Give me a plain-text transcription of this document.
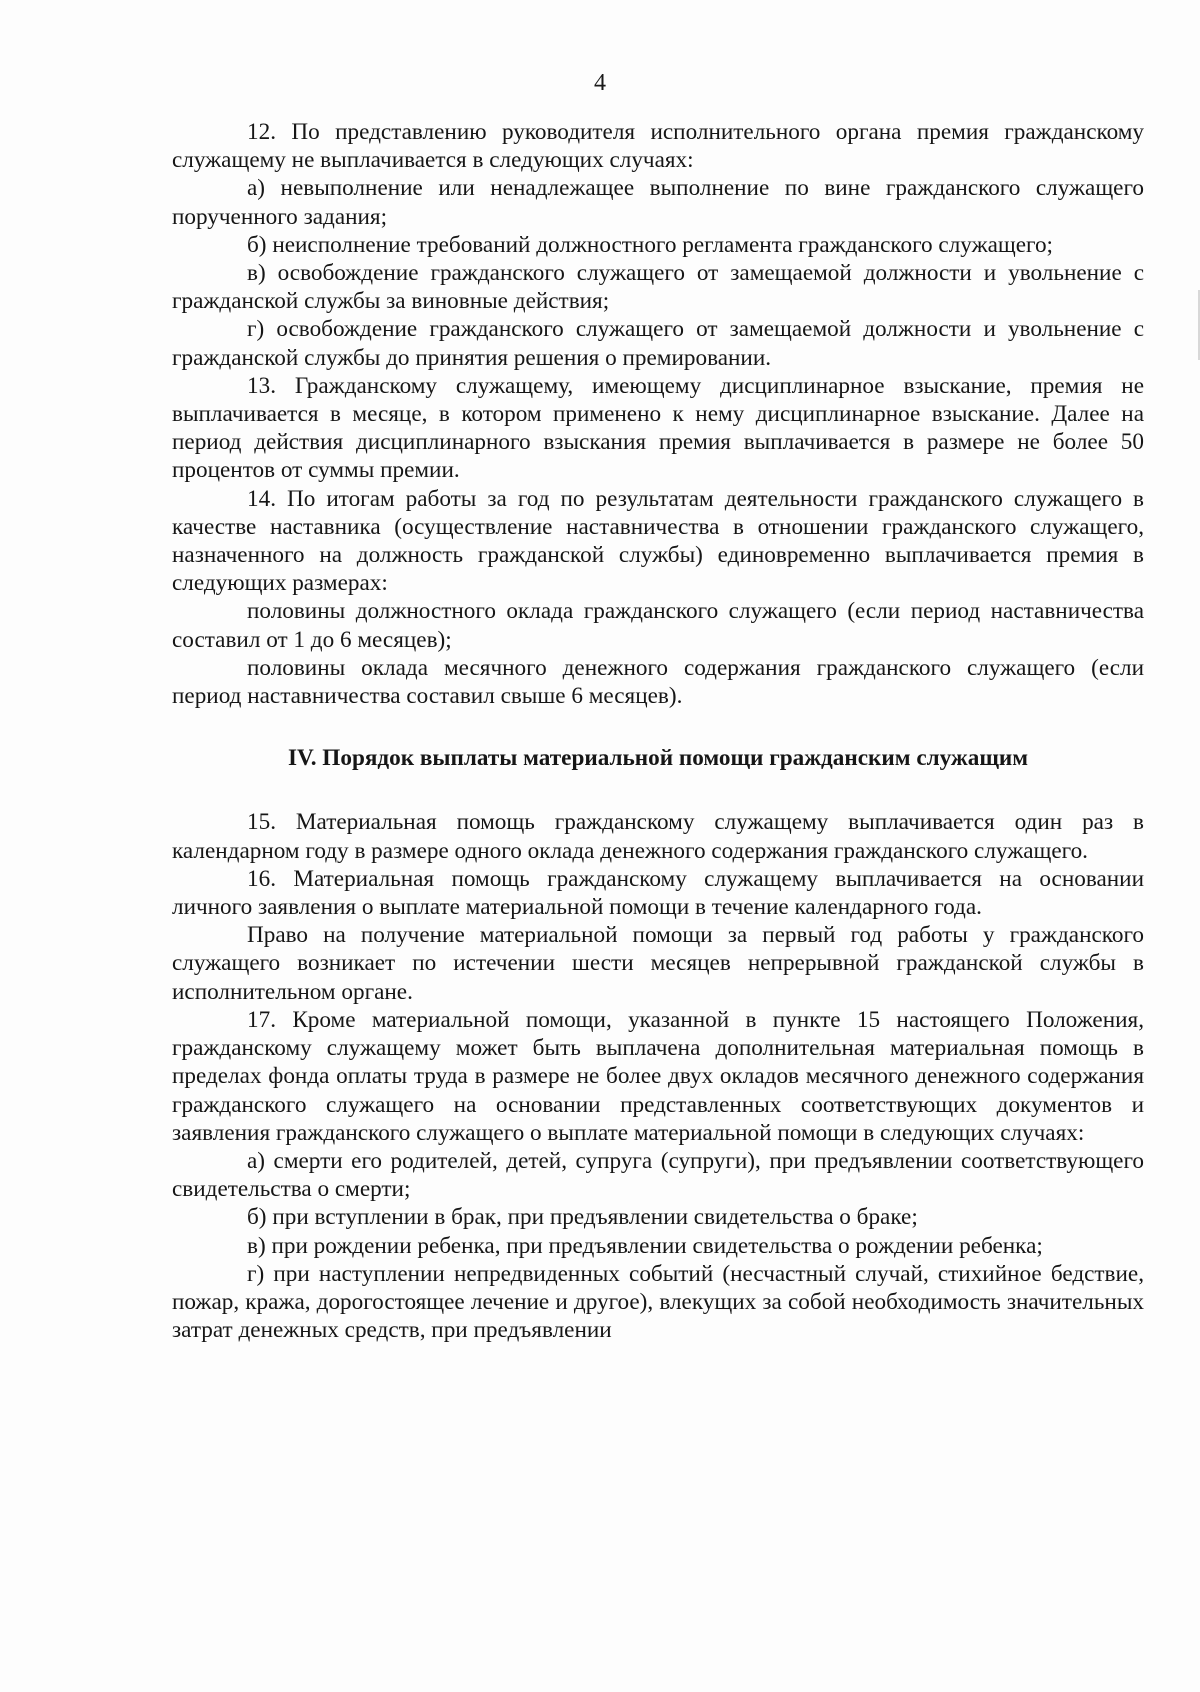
4

12. По представлению руководителя исполнительного органа премия гражданскому служащему не выплачивается в следующих случаях:

а) невыполнение или ненадлежащее выполнение по вине гражданского служащего порученного задания;

б) неисполнение требований должностного регламента гражданского служащего;

в) освобождение гражданского служащего от замещаемой должности и увольнение с гражданской службы за виновные действия;

г) освобождение гражданского служащего от замещаемой должности и увольнение с гражданской службы до принятия решения о премировании.

13. Гражданскому служащему, имеющему дисциплинарное взыскание, премия не выплачивается в месяце, в котором применено к нему дисциплинарное взыскание. Далее на период действия дисциплинарного взыскания премия выплачивается в размере не более 50 процентов от суммы премии.

14. По итогам работы за год по результатам деятельности гражданского служащего в качестве наставника (осуществление наставничества в отношении гражданского служащего, назначенного на должность гражданской службы) единовременно выплачивается премия в следующих размерах:

половины должностного оклада гражданского служащего (если период наставничества составил от 1 до 6 месяцев);

половины оклада месячного денежного содержания гражданского служащего (если период наставничества составил свыше 6 месяцев).

IV. Порядок выплаты материальной помощи гражданским служащим

15. Материальная помощь гражданскому служащему выплачивается один раз в календарном году в размере одного оклада денежного содержания гражданского служащего.

16. Материальная помощь гражданскому служащему выплачивается на основании личного заявления о выплате материальной помощи в течение календарного года.

Право на получение материальной помощи за первый год работы у гражданского служащего возникает по истечении шести месяцев непрерывной гражданской службы в исполнительном органе.

17. Кроме материальной помощи, указанной в пункте 15 настоящего Положения, гражданскому служащему может быть выплачена дополнительная материальная помощь в пределах фонда оплаты труда в размере не более двух окладов месячного денежного содержания гражданского служащего на основании представленных соответствующих документов и заявления гражданского служащего о выплате материальной помощи в следующих случаях:

а) смерти его родителей, детей, супруга (супруги), при предъявлении соответствующего свидетельства о смерти;

б) при вступлении в брак, при предъявлении свидетельства о браке;

в) при рождении ребенка, при предъявлении свидетельства о рождении ребенка;

г) при наступлении непредвиденных событий (несчастный случай, стихийное бедствие, пожар, кража, дорогостоящее лечение и другое), влекущих за собой необходимость значительных затрат денежных средств, при предъявлении
